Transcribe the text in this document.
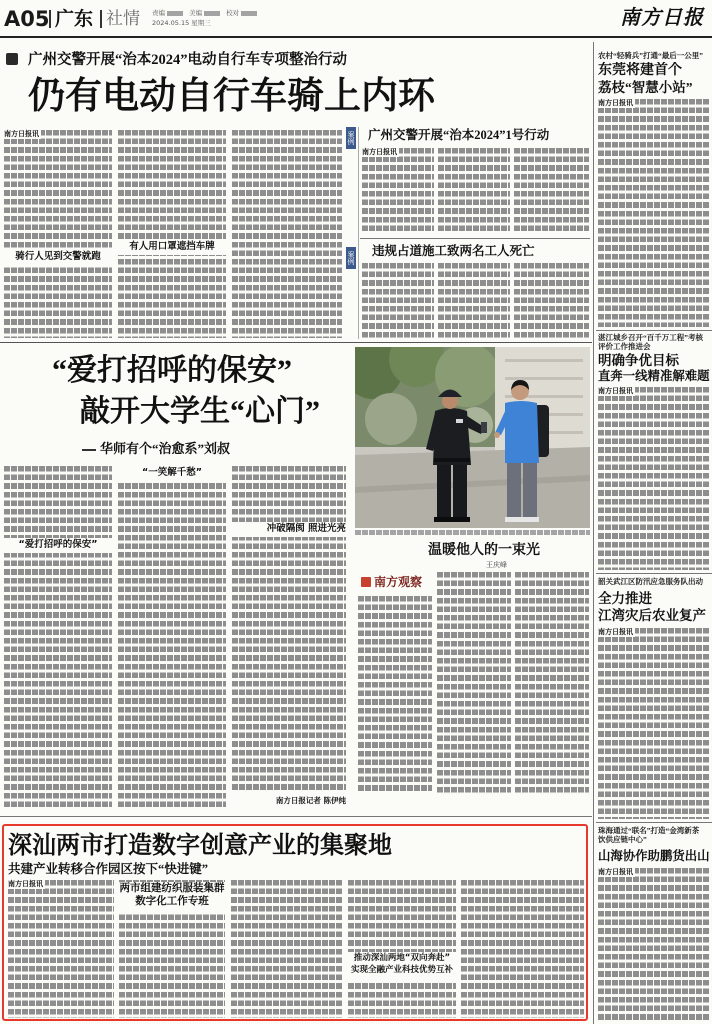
A05 广东 社情 责编	美编	校对
2024.05.15 星期三	南方日报
广州交警开展“治本2024”电动自行车专项整治行动
仍有电动自行车骑上内环
南方日报讯
骑行人见到交警就跑
有人用口罩遮挡车牌
案例
案例
广州交警开展“治本2024”1号行动
南方日报讯
违规占道施工致两名工人死亡
“爱打招呼的保安”
敲开大学生“心门”
华师有个“治愈系”刘叔
“爱打招呼的保安”
“一笑解千愁”
冲破隔阂 照进光亮
南方日报记者 陈伊纯
温暖他人的一束光
王庆峰
南方观察
深汕两市打造数字创意产业的集聚地
共建产业转移合作园区按下“快进键”
南方日报讯	两市组建纺织服装集群
数字化工作专班
推动深汕两地“双向奔赴”
实现全融产业科技优势互补
农村“轻骑兵”打通“最后一公里”
东莞将建首个
荔枝“智慧小站”
南方日报讯
湛江城乡召开“百千万工程”考核
评价工作推进会
明确争优目标
直奔一线精准解难题
南方日报讯
韶关武江区防汛应急服务队出动
全力推进
江湾灾后农业复产
南方日报讯
珠海通过“联名”打造“金湾新茶
饮供应链中心”
山海协作助鹏货出山
南方日报讯
